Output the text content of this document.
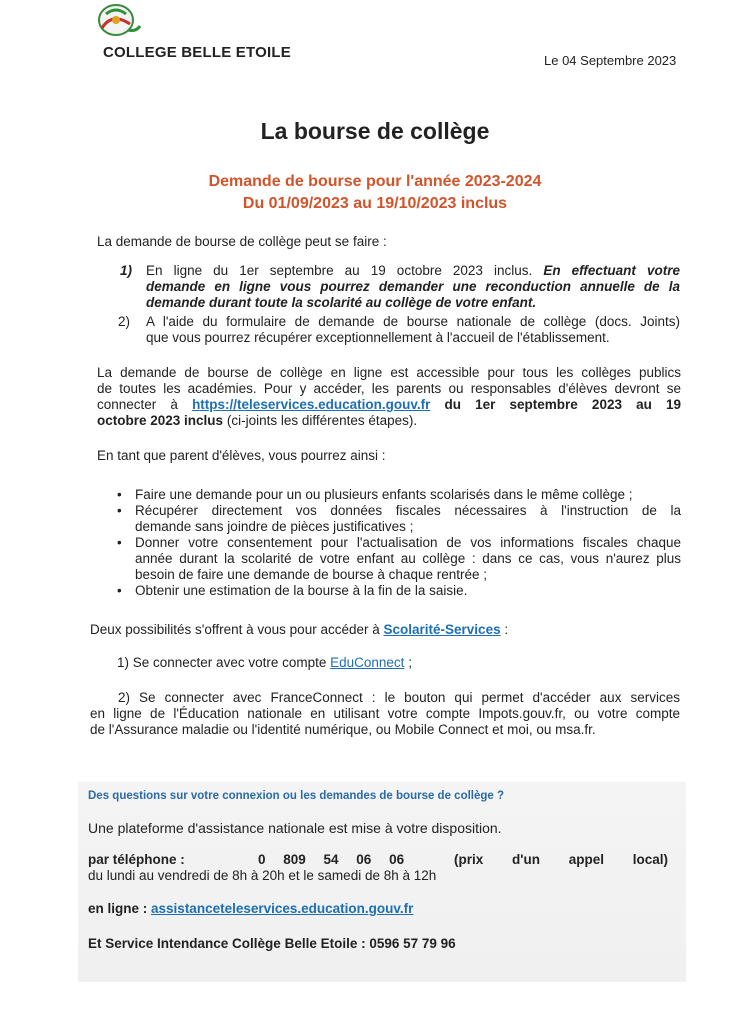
COLLEGE BELLE ETOILE	Le 04 Septembre 2023
La bourse de collège
Demande de bourse pour l'année 2023-2024
Du 01/09/2023 au 19/10/2023 inclus
La demande de bourse de collège peut se faire :
1) En ligne du 1er septembre au 19 octobre 2023 inclus. En effectuant votre
demande en ligne vous pourrez demander une reconduction annuelle de la
demande durant toute la scolarité au collège de votre enfant.
2) A l'aide du formulaire de demande de bourse nationale de collège (docs. Joints)
que vous pourrez récupérer exceptionnellement à l'accueil de l'établissement.
La demande de bourse de collège en ligne est accessible pour tous les collèges publics
de toutes les académies. Pour y accéder, les parents ou responsables d'élèves devront se
connecter à https://teleservices.education.gouv.fr du 1er septembre 2023 au 19
octobre 2023 inclus (ci-joints les différentes étapes).
En tant que parent d'élèves, vous pourrez ainsi :
• Faire une demande pour un ou plusieurs enfants scolarisés dans le même collège ;
• Récupérer directement vos données fiscales nécessaires à l'instruction de la
demande sans joindre de pièces justificatives ;
• Donner votre consentement pour l'actualisation de vos informations fiscales chaque
année durant la scolarité de votre enfant au collège : dans ce cas, vous n'aurez plus
besoin de faire une demande de bourse à chaque rentrée ;
• Obtenir une estimation de la bourse à la fin de la saisie.
Deux possibilités s'offrent à vous pour accéder à Scolarité-Services :
1) Se connecter avec votre compte EduConnect ;
2) Se connecter avec FranceConnect : le bouton qui permet d'accéder aux services
en ligne de l'Éducation nationale en utilisant votre compte Impots.gouv.fr, ou votre compte
de l'Assurance maladie ou l'identité numérique, ou Mobile Connect et moi, ou msa.fr.
Des questions sur votre connexion ou les demandes de bourse de collège ?
Une plateforme d'assistance nationale est mise à votre disposition.
par téléphone :	0 809 54 06 06	(prix d'un appel local)
du lundi au vendredi de 8h à 20h et le samedi de 8h à 12h
en ligne : assistanceteleservices.education.gouv.fr
Et Service Intendance Collège Belle Etoile : 0596 57 79 96
